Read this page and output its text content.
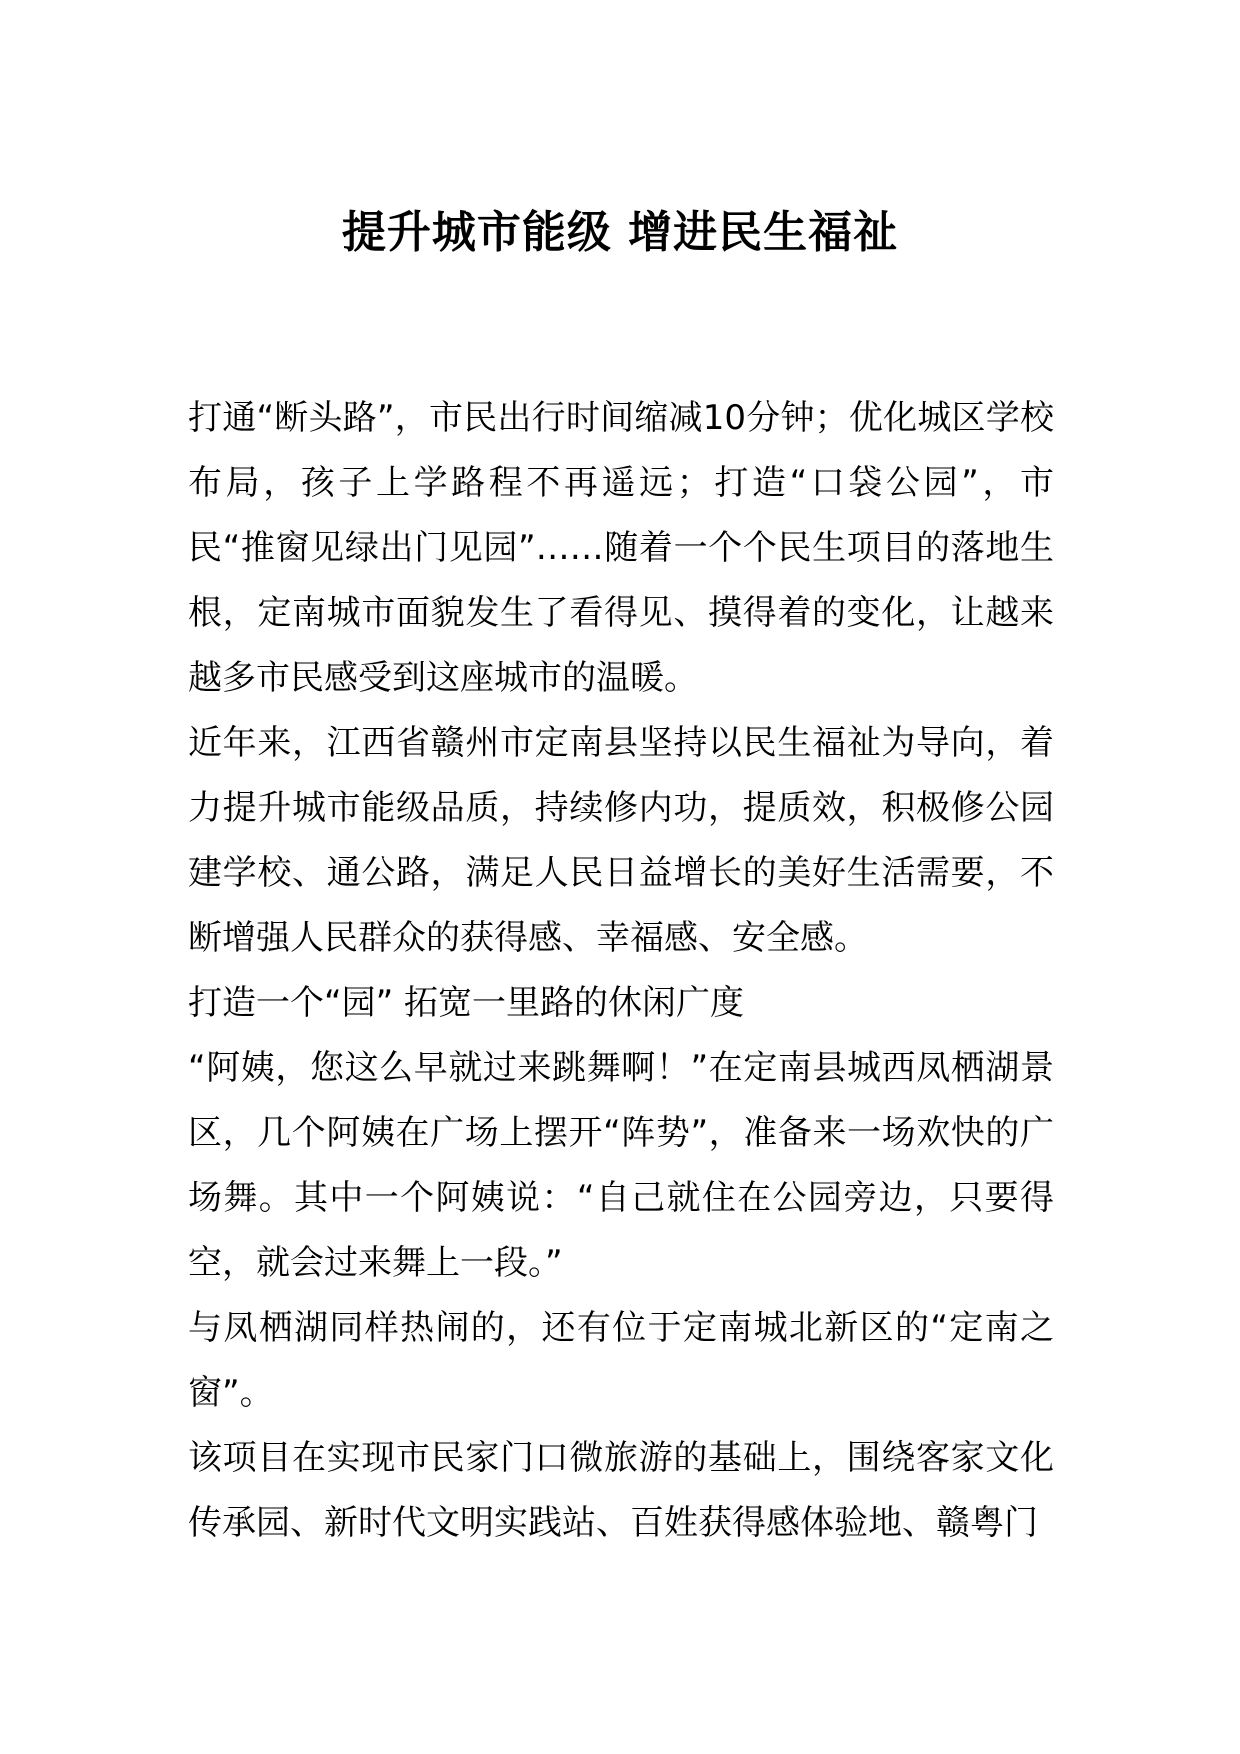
提升城市能级 增进民生福祉

打通“断头路”，市民出行时间缩减10分钟；优化城区学校布局，孩子上学路程不再遥远；打造“口袋公园”，市民“推窗见绿出门见园”……随着一个个民生项目的落地生根，定南城市面貌发生了看得见、摸得着的变化，让越来越多市民感受到这座城市的温暖。

近年来，江西省赣州市定南县坚持以民生福祉为导向，着力提升城市能级品质，持续修内功，提质效，积极修公园建学校、通公路，满足人民日益增长的美好生活需要，不断增强人民群众的获得感、幸福感、安全感。

打造一个“园” 拓宽一里路的休闲广度

“阿姨，您这么早就过来跳舞啊！”在定南县城西凤栖湖景区，几个阿姨在广场上摆开“阵势”，准备来一场欢快的广场舞。其中一个阿姨说：“自己就住在公园旁边，只要得空，就会过来舞上一段。”

与凤栖湖同样热闹的，还有位于定南城北新区的“定南之窗”。

该项目在实现市民家门口微旅游的基础上，围绕客家文化传承园、新时代文明实践站、百姓获得感体验地、赣粤门
